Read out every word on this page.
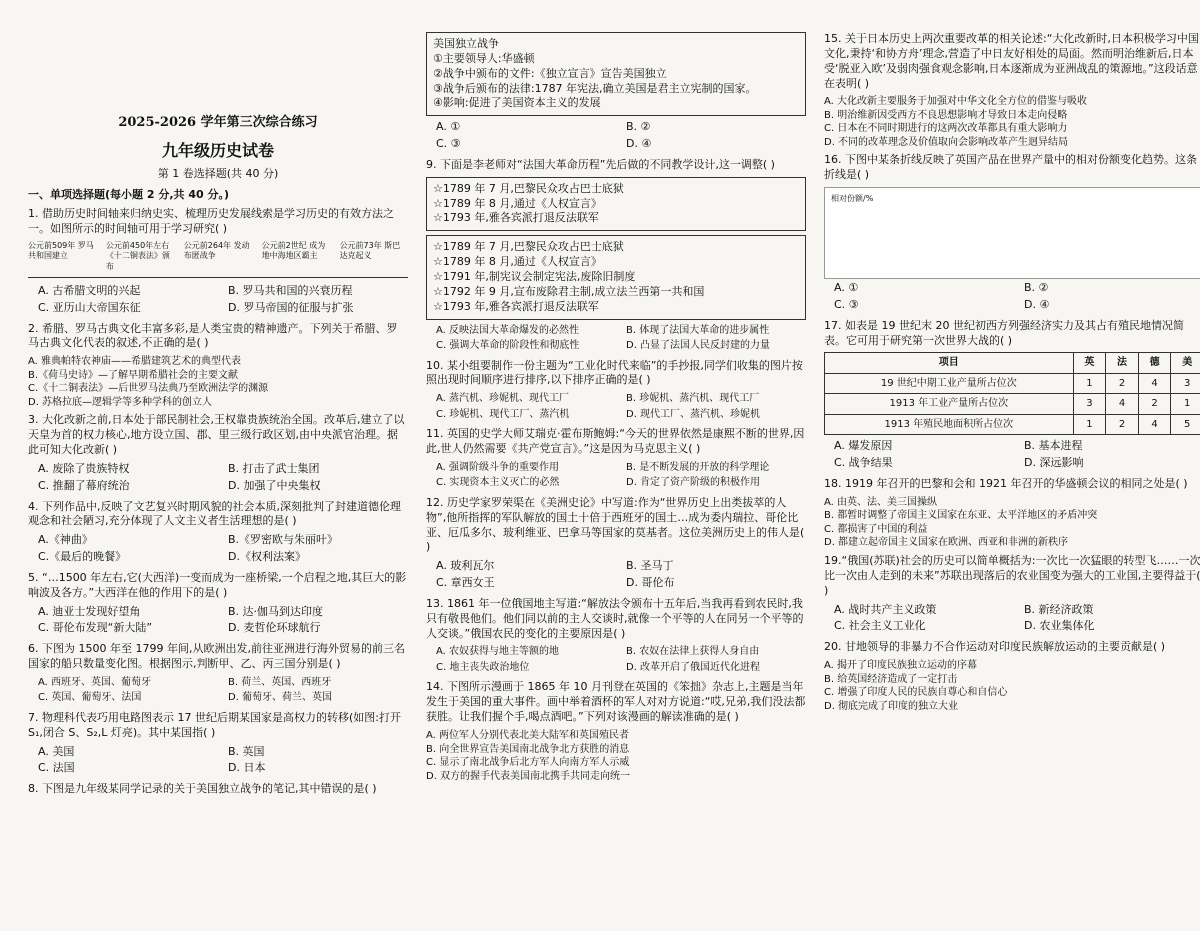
2025-2026 学年第三次综合练习
九年级历史试卷
第 1 卷选择题(共 40 分)
一、单项选择题(每小题 2 分,共 40 分。)
1. 借助历史时间轴来归纳史实、梳理历史发展线索是学习历史的有效方法之一。如图所示的时间轴可用于学习研究( )
公元前509年 罗马共和国建立
公元前450年左右《十二铜表法》颁布
公元前264年 发动布匿战争
公元前2世纪 成为地中海地区霸主
公元前73年 斯巴达克起义
A. 古希腊文明的兴起	B. 罗马共和国的兴衰历程
C. 亚历山大帝国东征	D. 罗马帝国的征服与扩张
2. 希腊、罗马古典文化丰富多彩,是人类宝贵的精神遗产。下列关于希腊、罗马古典文化代表的叙述,不正确的是( )
A. 雅典帕特农神庙——希腊建筑艺术的典型代表
B.《荷马史诗》—了解早期希腊社会的主要文献
C.《十二铜表法》—后世罗马法典乃至欧洲法学的渊源
D. 苏格拉底—逻辑学等多种学科的创立人
3. 大化改新之前,日本处于部民制社会,王权靠贵族统治全国。改革后,建立了以天皇为首的权力核心,地方设立国、郡、里三级行政区划,由中央派官治理。据此可知大化改新( )
A. 废除了贵族特权	B. 打击了武士集团
C. 推翻了幕府统治	D. 加强了中央集权
4. 下列作品中,反映了文艺复兴时期风貌的社会本质,深刻批判了封建道德伦理观念和社会陋习,充分体现了人文主义者生活理想的是( )
A.《神曲》	B.《罗密欧与朱丽叶》
C.《最后的晚餐》	D.《权利法案》
5. “…1500 年左右,它(大西洋)一变而成为一座桥梁,一个启程之地,其巨大的影响波及各方。”大西洋在他的作用下的是( )
A. 迪亚士发现好望角	B. 达·伽马到达印度
C. 哥伦布发现“新大陆”	D. 麦哲伦环球航行
6. 下图为 1500 年至 1799 年间,从欧洲出发,前往亚洲进行海外贸易的前三名国家的船只数量变化图。根据图示,判断甲、乙、丙三国分别是( )
A. 西班牙、英国、葡萄牙	B. 荷兰、英国、西班牙
C. 英国、葡萄牙、法国	D. 葡萄牙、荷兰、英国
7. 物理科代表巧用电路图表示 17 世纪后期某国家是高权力的转移(如图:打开 S₁,闭合 S、S₂,L 灯亮)。其中某国指( )
A. 美国	B. 英国
C. 法国	D. 日本
8. 下图是九年级某同学记录的关于美国独立战争的笔记,其中错误的是( )
美国独立战争
①主要领导人:华盛顿
②战争中颁布的文件:《独立宣言》宣告美国独立
③战争后颁布的法律:1787 年宪法,确立美国是君主立宪制的国家。
④影响:促进了美国资本主义的发展
A. ①	B. ②
C. ③	D. ④
9. 下面是李老师对“法国大革命历程”先后做的不同教学设计,这一调整( )
☆1789 年 7 月,巴黎民众攻占巴士底狱
☆1789 年 8 月,通过《人权宣言》
☆1793 年,雅各宾派打退反法联军
☆1789 年 7 月,巴黎民众攻占巴士底狱
☆1789 年 8 月,通过《人权宣言》
☆1791 年,制宪议会制定宪法,废除旧制度
☆1792 年 9 月,宣布废除君主制,成立法兰西第一共和国
☆1793 年,雅各宾派打退反法联军
A. 反映法国大革命爆发的必然性	B. 体现了法国大革命的进步属性
C. 强调大革命的阶段性和彻底性	D. 凸显了法国人民反封建的力量
10. 某小组要制作一份主题为“工业化时代来临”的手抄报,同学们收集的图片按照出现时间顺序进行排序,以下排序正确的是( )
A. 蒸汽机、珍妮机、现代工厂	B. 珍妮机、蒸汽机、现代工厂
C. 珍妮机、现代工厂、蒸汽机	D. 现代工厂、蒸汽机、珍妮机
11. 英国的史学大师艾瑞克·霍布斯鲍姆:“今天的世界依然是康熙不断的世界,因此,世人仍然需要《共产党宣言》。”这是因为马克思主义( )
A. 强调阶级斗争的重要作用	B. 是不断发展的开放的科学理论
C. 实现资本主义灭亡的必然	D. 肯定了资产阶级的积极作用
12. 历史学家罗荣渠在《美洲史论》中写道:作为“世界历史上出类拔萃的人物”,他所指挥的军队解放的国土十倍于西班牙的国土…成为委内瑞拉、哥伦比亚、厄瓜多尔、玻利维亚、巴拿马等国家的莫基者。这位美洲历史上的伟人是( )
A. 玻利瓦尔	B. 圣马丁
C. 章西女王	D. 哥伦布
13. 1861 年一位俄国地主写道:“解放法令颁布十五年后,当我再看到农民时,我只有敬畏他们。他们同以前的主人交谈时,就像一个平等的人在同另一个平等的人交谈。”俄国农民的变化的主要原因是( )
A. 农奴获得与地主等额的地	B. 农奴在法律上获得人身自由
C. 地主丧失政治地位	D. 改革开启了俄国近代化进程
14. 下图所示漫画于 1865 年 10 月刊登在英国的《笨拙》杂志上,主题是当年发生于美国的重大事件。画中举着酒杯的军人对对方说道:“哎,兄弟,我们没法都获胜。让我们握个手,喝点酒吧。”下列对该漫画的解读准确的是( )
A. 两位军人分别代表北美大陆军和英国殖民者
B. 向全世界宣告美国南北战争北方获胜的消息
C. 显示了南北战争后北方军人向南方军人示威
D. 双方的握手代表美国南北携手共同走向统一
15. 关于日本历史上两次重要改革的相关论述:“大化改新时,日本积极学习中国文化,秉持‘和协方舟’理念,营造了中日友好相处的局面。然而明治维新后,日本受‘脱亚入欧’及弱肉强食观念影响,日本逐渐成为亚洲战乱的策源地。”这段话意在表明( )
A. 大化改新主要服务于加强对中华文化全方位的借鉴与吸收
B. 明治维新因受西方不良思想影响才导致日本走向侵略
C. 日本在不同时期进行的这两次改革都具有重大影响力
D. 不同的改革理念及价值取向会影响改革产生迥异结局
16. 下图中某条折线反映了英国产品在世界产量中的相对份额变化趋势。这条折线是( )
相对份额/%
A. ①	B. ②
C. ③	D. ④
17. 如表是 19 世纪末 20 世纪初西方列强经济实力及其占有殖民地情况简表。它可用于研究第一次世界大战的( )
项目	英	法	德	美
19 世纪中期工业产量所占位次	1	2	4	3
1913 年工业产量所占位次	3	4	2	1
1913 年殖民地面积所占位次	1	2	4	5
A. 爆发原因	B. 基本进程
C. 战争结果	D. 深远影响
18. 1919 年召开的巴黎和会和 1921 年召开的华盛顿会议的相同之处是( )
A. 由英、法、美三国操纵
B. 都暂时调整了帝国主义国家在东亚、太平洋地区的矛盾冲突
C. 都损害了中国的利益
D. 都建立起帝国主义国家在欧洲、西亚和非洲的新秩序
19.“俄国(苏联)社会的历史可以简单概括为:一次比一次猛眼的转型飞……一次比一次由人走到的未来”苏联出现落后的农业国变为强大的工业国,主要得益于( )
A. 战时共产主义政策	B. 新经济政策
C. 社会主义工业化	D. 农业集体化
20. 甘地领导的非暴力不合作运动对印度民族解放运动的主要贡献是( )
A. 揭开了印度民族独立运动的序幕
B. 给英国经济造成了一定打击
C. 增强了印度人民的民族自尊心和自信心
D. 彻底完成了印度的独立大业
